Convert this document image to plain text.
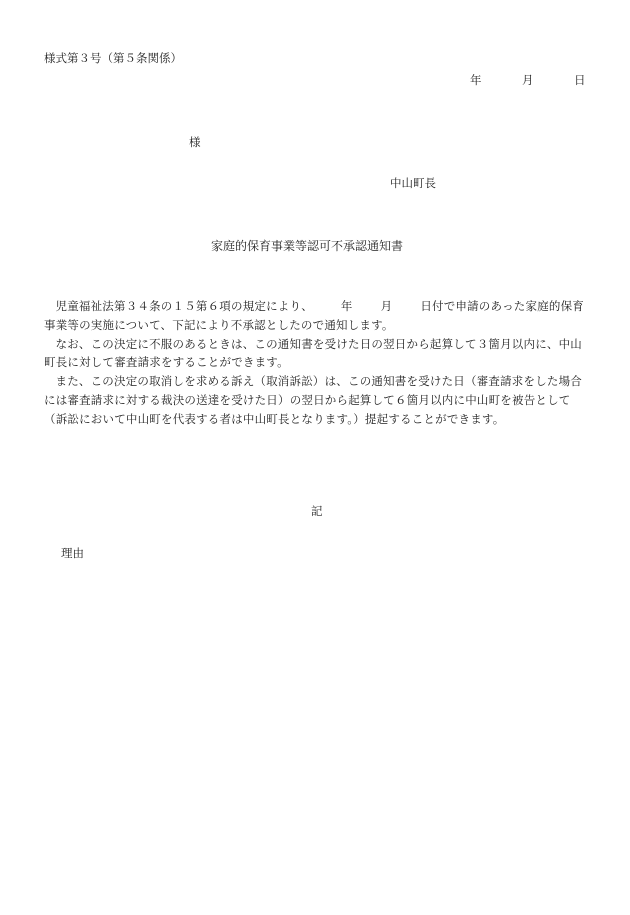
様式第３号（第５条関係）
年	月	日
様
中山町長
家庭的保育事業等認可不承認通知書

児童福祉法第３４条の１５第６項の規定により、 年 月 日付で申請のあった家庭的保育事業等の実施について、下記により不承認としたので通知します。

なお、この決定に不服のあるときは、この通知書を受けた日の翌日から起算して３箇月以内に、中山町長に対して審査請求をすることができます。

また、この決定の取消しを求める訴え（取消訴訟）は、この通知書を受けた日（審査請求をした場合には審査請求に対する裁決の送達を受けた日）の翌日から起算して６箇月以内に中山町を被告として（訴訟において中山町を代表する者は中山町長となります。）提起することができます。

記
理由
